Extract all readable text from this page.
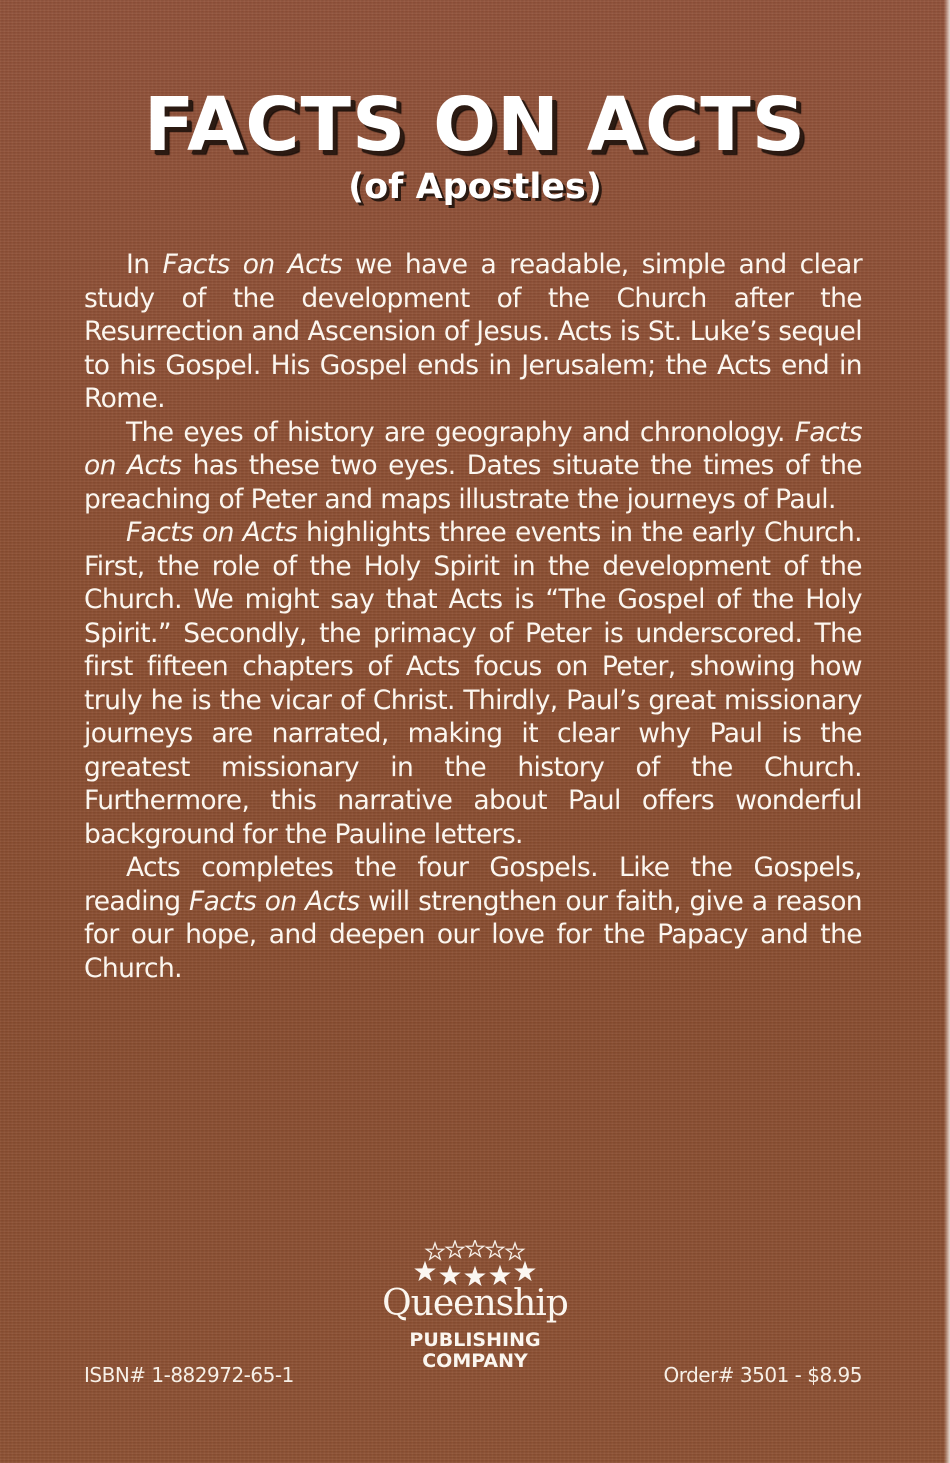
FACTS ON ACTS
(of Apostles)

In Facts on Acts we have a readable, simple and clear study of the development of the Church after the Resurrection and Ascension of Jesus. Acts is St. Luke’s sequel to his Gospel. His Gospel ends in Jerusalem; the Acts end in Rome.

The eyes of history are geography and chronology. Facts on Acts has these two eyes. Dates situate the times of the preaching of Peter and maps illustrate the journeys of Paul.

Facts on Acts highlights three events in the early Church. First, the role of the Holy Spirit in the development of the Church. We might say that Acts is “The Gospel of the Holy Spirit.” Secondly, the primacy of Peter is underscored. The first fifteen chapters of Acts focus on Peter, showing how truly he is the vicar of Christ. Thirdly, Paul’s great missionary journeys are narrated, making it clear why Paul is the greatest missionary in the history of the Church. Furthermore, this narrative about Paul offers wonderful background for the Pauline letters.

Acts completes the four Gospels. Like the Gospels, reading Facts on Acts will strengthen our faith, give a reason for our hope, and deepen our love for the Papacy and the Church.

Queenship
PUBLISHING
COMPANY
ISBN# 1-882972-65-1	Order# 3501 - $8.95
